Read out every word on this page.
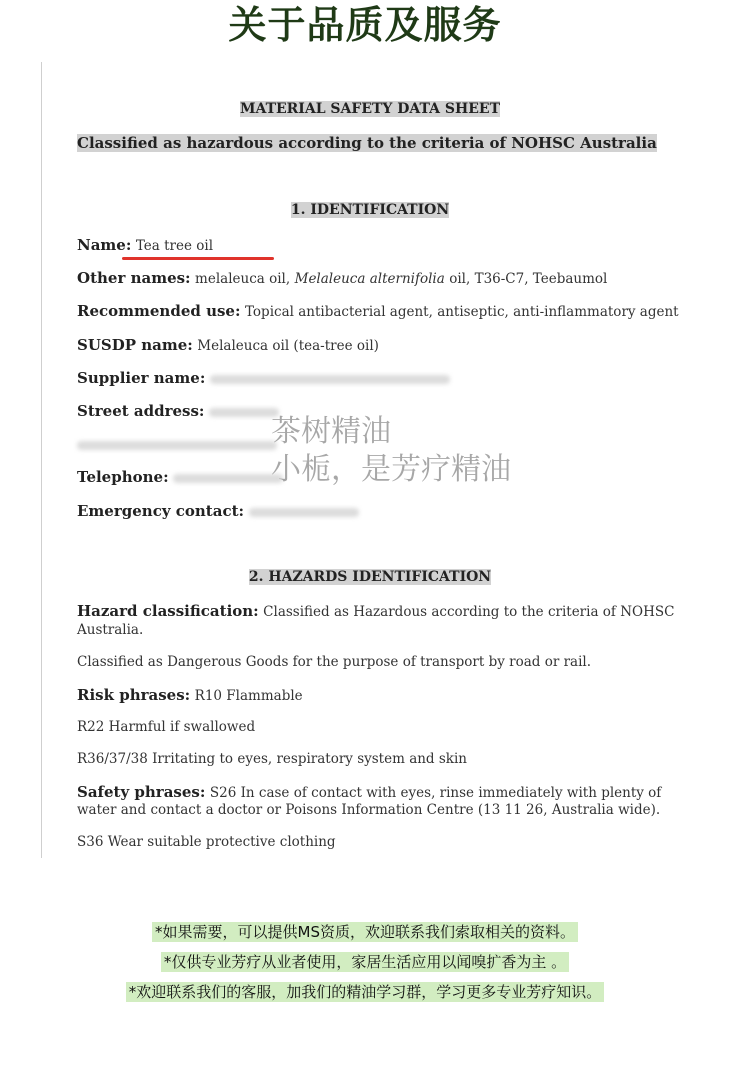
关于品质及服务
MATERIAL SAFETY DATA SHEET
Classified as hazardous according to the criteria of NOHSC Australia
1. IDENTIFICATION
Name: Tea tree oil
Other names: melaleuca oil, Melaleuca alternifolia oil, T36-C7, Teebaumol
Recommended use: Topical antibacterial agent, antiseptic, anti-inflammatory agent
SUSDP name: Melaleuca oil (tea-tree oil)
Supplier name:
Street address:
Telephone:
Emergency contact:
2. HAZARDS IDENTIFICATION
Hazard classification: Classified as Hazardous according to the criteria of NOHSC
Australia.
Classified as Dangerous Goods for the purpose of transport by road or rail.
Risk phrases: R10 Flammable
R22 Harmful if swallowed
R36/37/38 Irritating to eyes, respiratory system and skin
Safety phrases: S26 In case of contact with eyes, rinse immediately with plenty of
water and contact a doctor or Poisons Information Centre (13 11 26, Australia wide).
S36 Wear suitable protective clothing
茶树精油
小栀，是芳疗精油
*如果需要，可以提供MS资质，欢迎联系我们索取相关的资料。
*仅供专业芳疗从业者使用，家居生活应用以闻嗅扩香为主 。
*欢迎联系我们的客服，加我们的精油学习群，学习更多专业芳疗知识。
